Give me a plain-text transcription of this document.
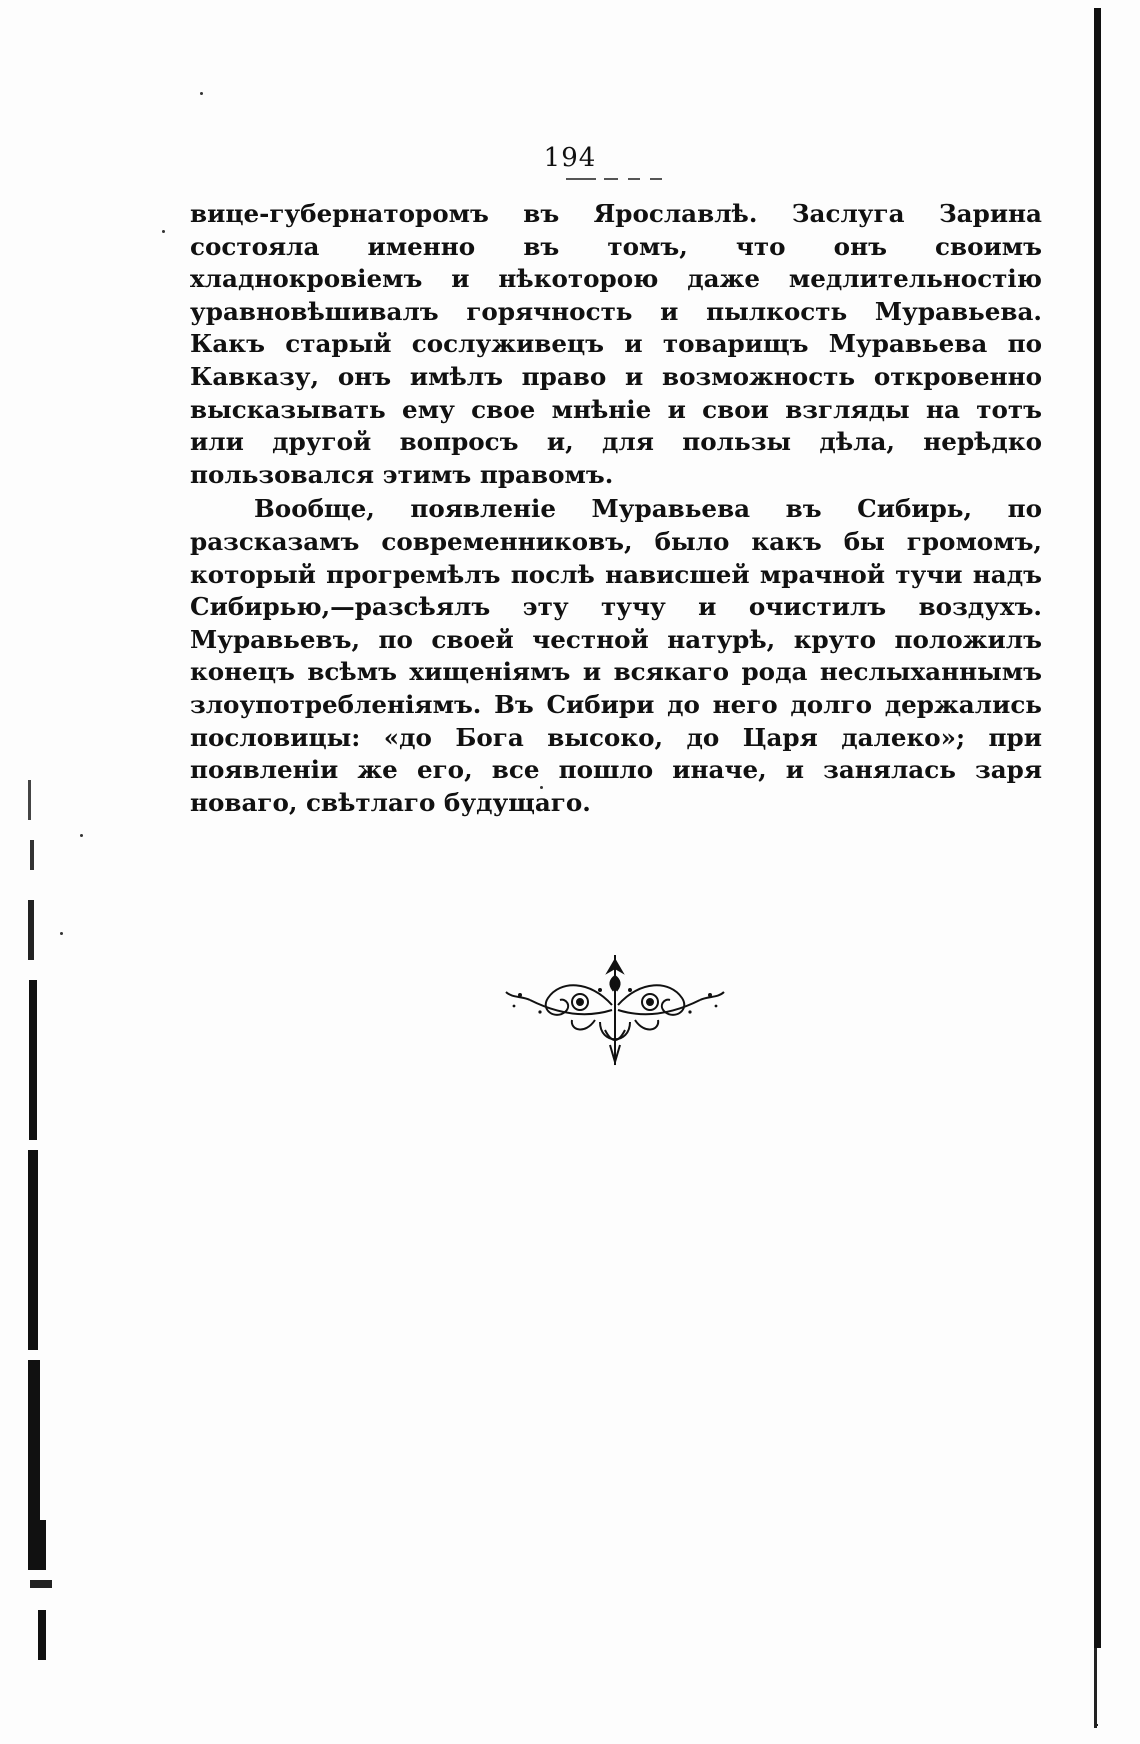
194

вице-губернаторомъ въ Ярославлѣ. Заслуга Зарина состояла именно въ томъ, что онъ своимъ хладнокровіемъ и нѣкоторою даже медлительностію уравновѣшивалъ горячность и пылкость Муравьева. Какъ старый сослуживецъ и товарищъ Муравьева по Кавказу, онъ имѣлъ право и возможность откровенно высказывать ему свое мнѣніе и свои взгляды на тотъ или другой вопросъ и, для пользы дѣла, нерѣдко пользовался этимъ правомъ.

Вообще, появленіе Муравьева въ Сибирь, по разсказамъ современниковъ, было какъ бы громомъ, который прогремѣлъ послѣ нависшей мрачной тучи надъ Сибирью,—разсѣялъ эту тучу и очистилъ воздухъ. Муравьевъ, по своей честной натурѣ, круто положилъ конецъ всѣмъ хищеніямъ и всякаго рода неслыханнымъ злоупотребленіямъ. Въ Сибири до него долго держались пословицы: «до Бога высоко, до Царя далеко»; при появленіи же его, все пошло иначе, и занялась заря новаго, свѣтлаго будущаго.
